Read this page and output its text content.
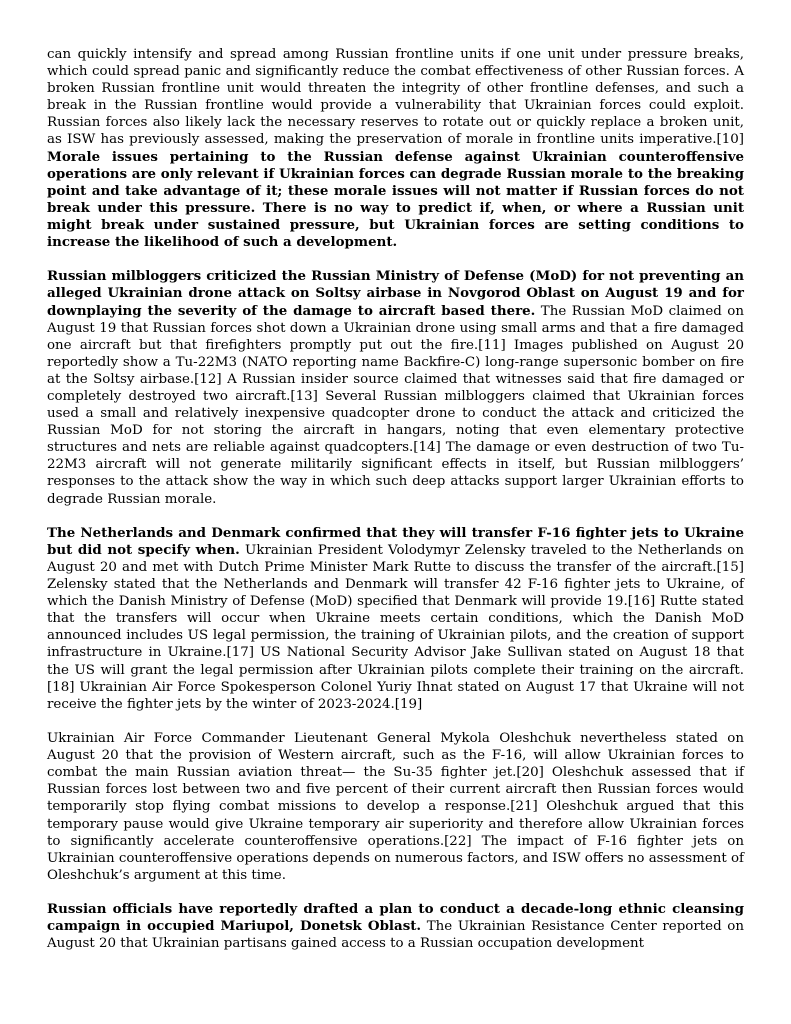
can quickly intensify and spread among Russian frontline units if one unit under pressure breaks, which could spread panic and significantly reduce the combat effectiveness of other Russian forces. A broken Russian frontline unit would threaten the integrity of other frontline defenses, and such a break in the Russian frontline would provide a vulnerability that Ukrainian forces could exploit. Russian forces also likely lack the necessary reserves to rotate out or quickly replace a broken unit, as ISW has previously assessed, making the preservation of morale in frontline units imperative.[10] Morale issues pertaining to the Russian defense against Ukrainian counteroffensive operations are only relevant if Ukrainian forces can degrade Russian morale to the breaking point and take advantage of it; these morale issues will not matter if Russian forces do not break under this pressure. There is no way to predict if, when, or where a Russian unit might break under sustained pressure, but Ukrainian forces are setting conditions to increase the likelihood of such a development.

Russian milbloggers criticized the Russian Ministry of Defense (MoD) for not preventing an alleged Ukrainian drone attack on Soltsy airbase in Novgorod Oblast on August 19 and for downplaying the severity of the damage to aircraft based there. The Russian MoD claimed on August 19 that Russian forces shot down a Ukrainian drone using small arms and that a fire damaged one aircraft but that firefighters promptly put out the fire.[11] Images published on August 20 reportedly show a Tu-22M3 (NATO reporting name Backfire-C) long-range supersonic bomber on fire at the Soltsy airbase.[12] A Russian insider source claimed that witnesses said that fire damaged or completely destroyed two aircraft.[13] Several Russian milbloggers claimed that Ukrainian forces used a small and relatively inexpensive quadcopter drone to conduct the attack and criticized the Russian MoD for not storing the aircraft in hangars, noting that even elementary protective structures and nets are reliable against quadcopters.[14] The damage or even destruction of two Tu-22M3 aircraft will not generate militarily significant effects in itself, but Russian milbloggers’ responses to the attack show the way in which such deep attacks support larger Ukrainian efforts to degrade Russian morale.

The Netherlands and Denmark confirmed that they will transfer F-16 fighter jets to Ukraine but did not specify when. Ukrainian President Volodymyr Zelensky traveled to the Netherlands on August 20 and met with Dutch Prime Minister Mark Rutte to discuss the transfer of the aircraft.[15] Zelensky stated that the Netherlands and Denmark will transfer 42 F-16 fighter jets to Ukraine, of which the Danish Ministry of Defense (MoD) specified that Denmark will provide 19.[16] Rutte stated that the transfers will occur when Ukraine meets certain conditions, which the Danish MoD announced includes US legal permission, the training of Ukrainian pilots, and the creation of support infrastructure in Ukraine.[17] US National Security Advisor Jake Sullivan stated on August 18 that the US will grant the legal permission after Ukrainian pilots complete their training on the aircraft.[18] Ukrainian Air Force Spokesperson Colonel Yuriy Ihnat stated on August 17 that Ukraine will not receive the fighter jets by the winter of 2023-2024.[19]

Ukrainian Air Force Commander Lieutenant General Mykola Oleshchuk nevertheless stated on August 20 that the provision of Western aircraft, such as the F-16, will allow Ukrainian forces to combat the main Russian aviation threat— the Su-35 fighter jet.[20] Oleshchuk assessed that if Russian forces lost between two and five percent of their current aircraft then Russian forces would temporarily stop flying combat missions to develop a response.[21] Oleshchuk argued that this temporary pause would give Ukraine temporary air superiority and therefore allow Ukrainian forces to significantly accelerate counteroffensive operations.[22] The impact of F-16 fighter jets on Ukrainian counteroffensive operations depends on numerous factors, and ISW offers no assessment of Oleshchuk’s argument at this time.

Russian officials have reportedly drafted a plan to conduct a decade-long ethnic cleansing campaign in occupied Mariupol, Donetsk Oblast. The Ukrainian Resistance Center reported on August 20 that Ukrainian partisans gained access to a Russian occupation development
